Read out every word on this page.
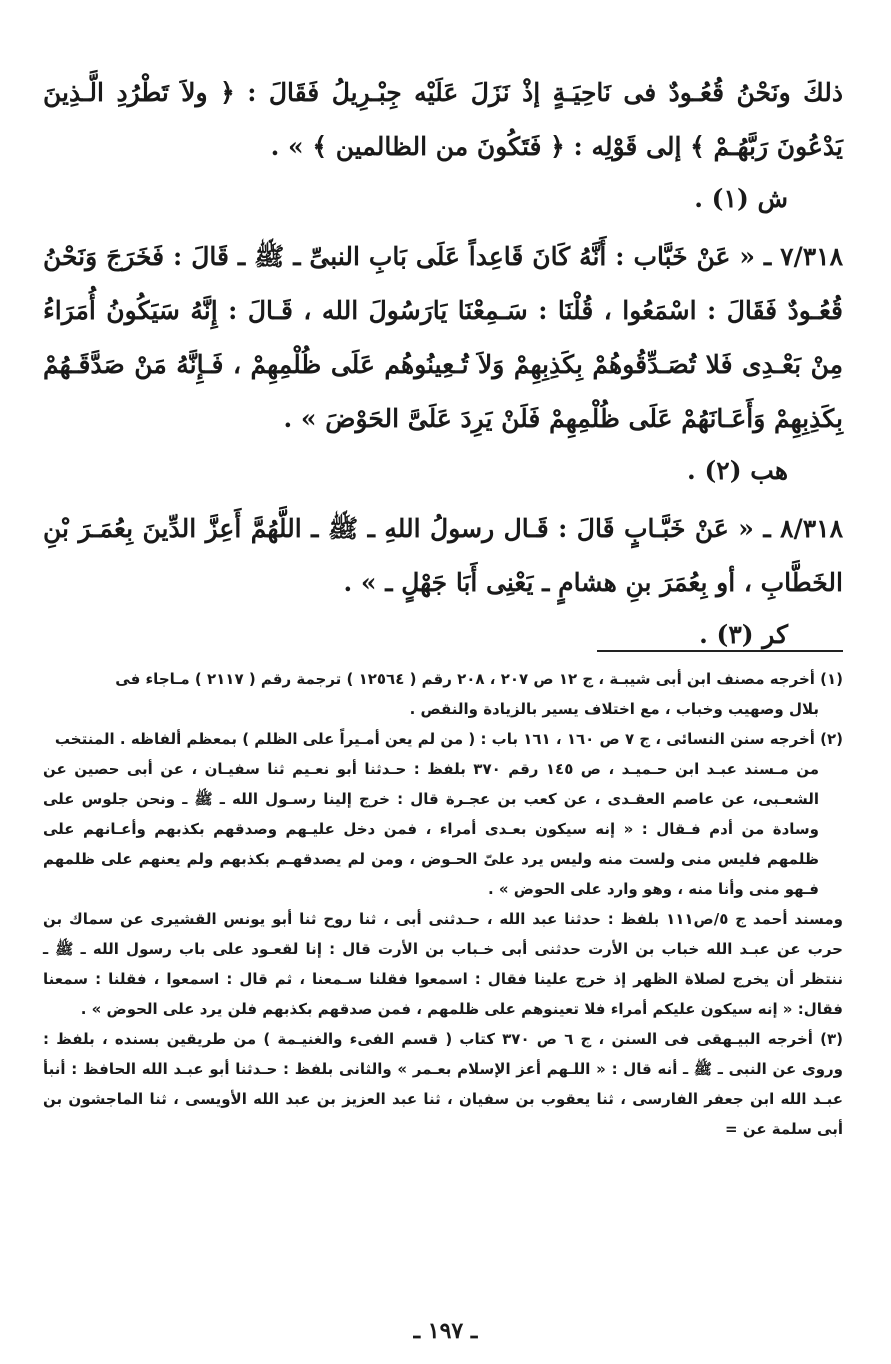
ذلكَ ونَحْنُ قُعُـودٌ فى نَاحِيَـةٍ إذْ نَزَلَ عَلَيْه جِبْـرِيلُ فَقَالَ : ﴿ ولاَ تَطْرُدِ الَّـذِينَ يَدْعُونَ رَبَّهُـمْ ﴾ إلى قَوْلِه : ﴿ فَتَكُونَ من الظالمين ﴾ » .

ش (١) .

٧/٣١٨ ـ « عَنْ خَبَّاب : أَنَّهُ كَانَ قَاعِداً عَلَى بَابِ النبىِّ ـ ﷺ ـ قَالَ : فَخَرَجَ وَنَحْنُ قُعُـودٌ فَقَالَ : اسْمَعُوا ، قُلْنَا : سَـمِعْنَا يَارَسُولَ الله ، قَـالَ : إِنَّهُ سَيَكُونُ أُمَرَاءُ مِنْ بَعْـدِى فَلا تُصَـدِّقُوهُمْ بِكَذِبِهِمْ وَلاَ تُـعِينُوهُم عَلَى ظُلْمِهِمْ ، فَـإِنَّهُ مَنْ صَدَّقَـهُمْ بِكَذِبِهِمْ وَأَعَـانَهُمْ عَلَى ظُلْمِهِمْ فَلَنْ يَرِدَ عَلَىَّ الحَوْضَ » .

هب (٢) .

٨/٣١٨ ـ « عَنْ خَبَّـابٍ قَالَ : قَـال رسولُ اللهِ ـ ﷺ ـ اللَّهُمَّ أَعِزَّ الدِّينَ بِعُمَـرَ بْنِ الخَطَّابِ ، أو بِعُمَرَ بنِ هشامٍ ـ يَعْنِى أَبَا جَهْلٍ ـ » .

كر (٣) .

(١) أخرجه مصنف ابن أبى شيبـة ، ج ١٢ ص ٢٠٧ ، ٢٠٨ رقم ( ١٢٥٦٤ ) ترجمة رقم ( ٢١١٧ ) مـاجاء فى

بلال وصهيب وخباب ، مع اختلاف يسير بالزيادة والنقص .

(٢) أخرجه سنن النسائى ، ج ٧ ص ١٦٠ ، ١٦١ باب : ( من لم يعن أمـيراً على الظلم ) بمعظم ألفاظه . المنتخب

من مـسند عبـد ابن حـميـد ، ص ١٤٥ رقم ٣٧٠ بلفظ : حـدثنا أبو نعـيم ثنا سفيـان ، عن أبى حصين عن الشعـبى، عن عاصم العقـدى ، عن كعب بن عجـرة قال : خرج إلينا رسـول الله ـ ﷺ ـ ونحن جلوس على وسادة من أدم فـقال : « إنه سيكون بعـدى أمراء ، فمن دخل عليـهم وصدقهم بكذبهم وأعـانهم على ظلمهم فليس منى ولست منه وليس يرد علىّ الحـوض ، ومن لم يصدقهـم بكذبهم ولم يعنهم على ظلمهم فـهو منى وأنا منه ، وهو وارد على الحوض » .

ومسند أحمد ج ٥/ص١١١ بلفظ : حدثنا عبد الله ، حـدثنى أبى ، ثنا روح ثنا أبو يونس القشيرى عن سماك بن حرب عن عبـد الله خباب بن الأرت حدثنى أبى خـباب بن الأرت قال : إنا لقعـود على باب رسول الله ـ ﷺ ـ ننتظر أن يخرج لصلاة الظهر إذ خرج علينا فقال : اسمعوا فقلنا سـمعنا ، ثم قال : اسمعوا ، فقلنا : سمعنا فقال: « إنه سيكون عليكم أمراء فلا تعينوهم على ظلمهم ، فمن صدقهم بكذبهم فلن يرد على الحوض » .

(٣) أخرجه البيـهقى فى السنن ، ج ٦ ص ٣٧٠ كتاب ( قسم الفىء والغنيـمة ) من طريقين بسنده ، بلفظ : وروى عن النبى ـ ﷺ ـ أنه قال : « اللـهم أعز الإسلام بعـمر » والثانى بلفظ : حـدثنا أبو عبـد الله الحافظ : أنبأ عبـد الله ابن جعفر الفارسى ، ثنا يعقوب بن سفيان ، ثنا عبد العزيز بن عبد الله الأويسى ، ثنا الماجشون بن أبى سلمة عن =

ـ ١٩٧ ـ
